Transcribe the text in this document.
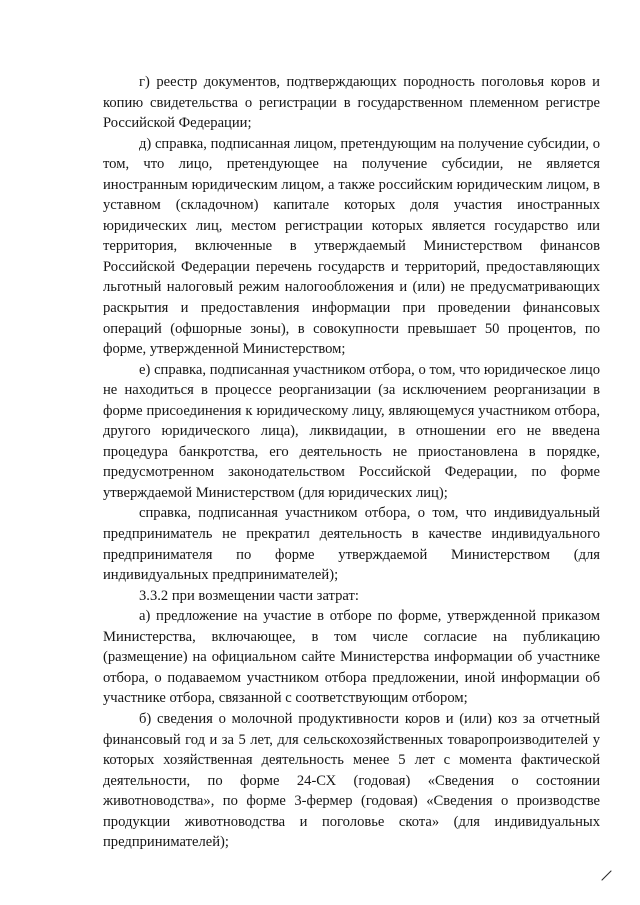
г) реестр документов, подтверждающих породность поголовья коров и копию свидетельства о регистрации в государственном племенном регистре Российской Федерации;

д) справка, подписанная лицом, претендующим на получение субсидии, о том, что лицо, претендующее на получение субсидии, не является иностранным юридическим лицом, а также российским юридическим лицом, в уставном (складочном) капитале которых доля участия иностранных юридических лиц, местом регистрации которых является государство или территория, включенные в утверждаемый Министерством финансов Российской Федерации перечень государств и территорий, предоставляющих льготный налоговый режим налогообложения и (или) не предусматривающих раскрытия и предоставления информации при проведении финансовых операций (офшорные зоны), в совокупности превышает 50 процентов, по форме, утвержденной Министерством;

е) справка, подписанная участником отбора, о том, что юридическое лицо не находиться в процессе реорганизации (за исключением реорганизации в форме присоединения к юридическому лицу, являющемуся участником отбора, другого юридического лица), ликвидации, в отношении его не введена процедура банкротства, его деятельность не приостановлена в порядке, предусмотренном законодательством Российской Федерации, по форме утверждаемой Министерством (для юридических лиц);

справка, подписанная участником отбора, о том, что индивидуальный предприниматель не прекратил деятельность в качестве индивидуального предпринимателя по форме утверждаемой Министерством (для индивидуальных предпринимателей);

3.3.2 при возмещении части затрат:

а) предложение на участие в отборе по форме, утвержденной приказом Министерства, включающее, в том числе согласие на публикацию (размещение) на официальном сайте Министерства информации об участнике отбора, о подаваемом участником отбора предложении, иной информации об участнике отбора, связанной с соответствующим отбором;

б) сведения о молочной продуктивности коров и (или) коз за отчетный финансовый год и за 5 лет, для сельскохозяйственных товаропроизводителей у которых хозяйственная деятельность менее 5 лет с момента фактической деятельности, по форме 24-СХ (годовая) «Сведения о состоянии животноводства», по форме 3-фермер (годовая) «Сведения о производстве продукции животноводства и поголовье скота» (для индивидуальных предпринимателей);
